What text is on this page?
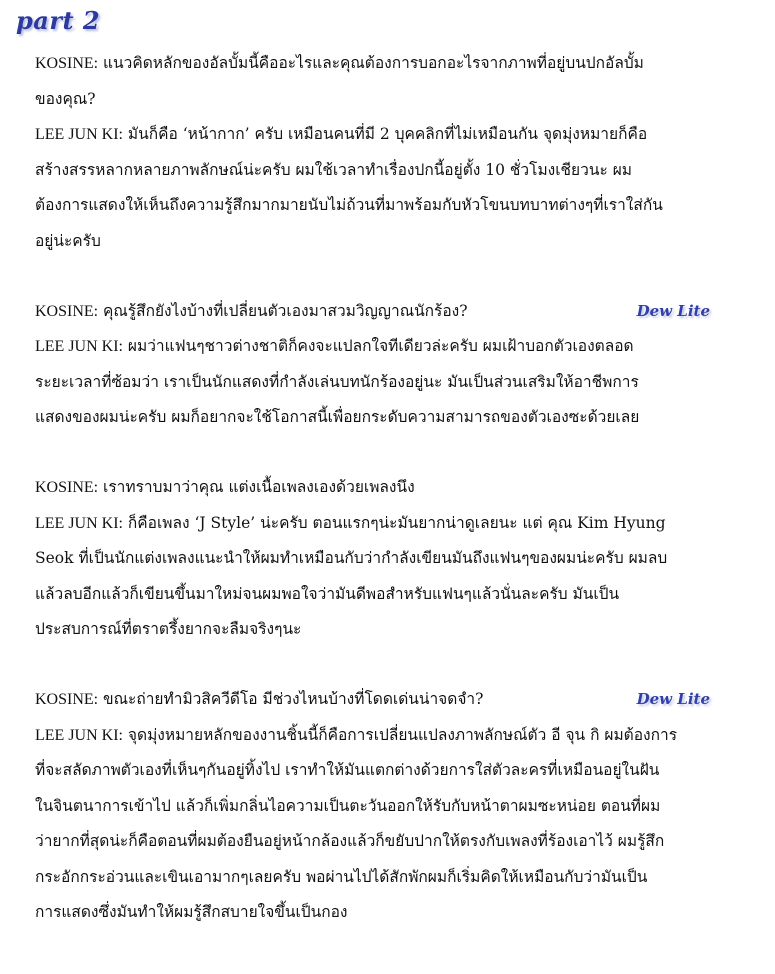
part 2
KOSINE: แนวคิดหลักของอัลบั้มนี้คืออะไรและคุณต้องการบอกอะไรจากภาพที่อยู่บนปกอัลบั้ม
ของคุณ?
LEE JUN KI: มันก็คือ ‘หน้ากาก’ ครับ เหมือนคนที่มี 2 บุคคลิกที่ไม่เหมือนกัน จุดมุ่งหมายก็คือ
สร้างสรรหลากหลายภาพลักษณ์น่ะครับ ผมใช้เวลาทำเรื่องปกนี้อยู่ตั้ง 10 ชั่วโมงเชียวนะ ผม
ต้องการแสดงให้เห็นถึงความรู้สึกมากมายนับไม่ถ้วนที่มาพร้อมกับหัวโขนบทบาทต่างๆที่เราใส่กัน
อยู่น่ะครับ
KOSINE: คุณรู้สึกยังไงบ้างที่เปลี่ยนตัวเองมาสวมวิญญาณนักร้อง?	Dew Lite
LEE JUN KI: ผมว่าแฟนๆชาวต่างชาติก็คงจะแปลกใจทีเดียวล่ะครับ ผมเฝ้าบอกตัวเองตลอด
ระยะเวลาที่ซ้อมว่า เราเป็นนักแสดงที่กำลังเล่นบทนักร้องอยู่นะ มันเป็นส่วนเสริมให้อาชีพการ
แสดงของผมน่ะครับ ผมก็อยากจะใช้โอกาสนี้เพื่อยกระดับความสามารถของตัวเองซะด้วยเลย
KOSINE: เราทราบมาว่าคุณ แต่งเนื้อเพลงเองด้วยเพลงนึง
LEE JUN KI: ก็คือเพลง ‘J Style’ น่ะครับ ตอนแรกๆน่ะมันยากน่าดูเลยนะ แต่ คุณ Kim Hyung
Seok ที่เป็นนักแต่งเพลงแนะนำให้ผมทำเหมือนกับว่ากำลังเขียนมันถึงแฟนๆของผมน่ะครับ ผมลบ
แล้วลบอีกแล้วก็เขียนขึ้นมาใหม่จนผมพอใจว่ามันดีพอสำหรับแฟนๆแล้วนั่นละครับ มันเป็น
ประสบการณ์ที่ตราตรึ้งยากจะลืมจริงๆนะ
KOSINE: ขณะถ่ายทำมิวสิควีดีโอ มีช่วงไหนบ้างที่โดดเด่นน่าจดจำ?	Dew Lite
LEE JUN KI: จุดมุ่งหมายหลักของงานชิ้นนี้ก็คือการเปลี่ยนแปลงภาพลักษณ์ตัว อี จุน กิ ผมต้องการ
ที่จะสลัดภาพตัวเองที่เห็นๆกันอยู่ทิ้งไป เราทำให้มันแตกต่างด้วยการใส่ตัวละครที่เหมือนอยู่ในฝัน
ในจินตนาการเข้าไป แล้วก็เพิ่มกลิ่นไอความเป็นตะวันออกให้รับกับหน้าตาผมซะหน่อย ตอนที่ผม
ว่ายากที่สุดน่ะก็คือตอนที่ผมต้องยืนอยู่หน้ากล้องแล้วก็ขยับปากให้ตรงกับเพลงที่ร้องเอาไว้ ผมรู้สึก
กระอักกระอ่วนและเขินเอามากๆเลยครับ พอผ่านไปได้สักพักผมก็เริ่มคิดให้เหมือนกับว่ามันเป็น
การแสดงซึ่งมันทำให้ผมรู้สึกสบายใจขึ้นเป็นกอง
